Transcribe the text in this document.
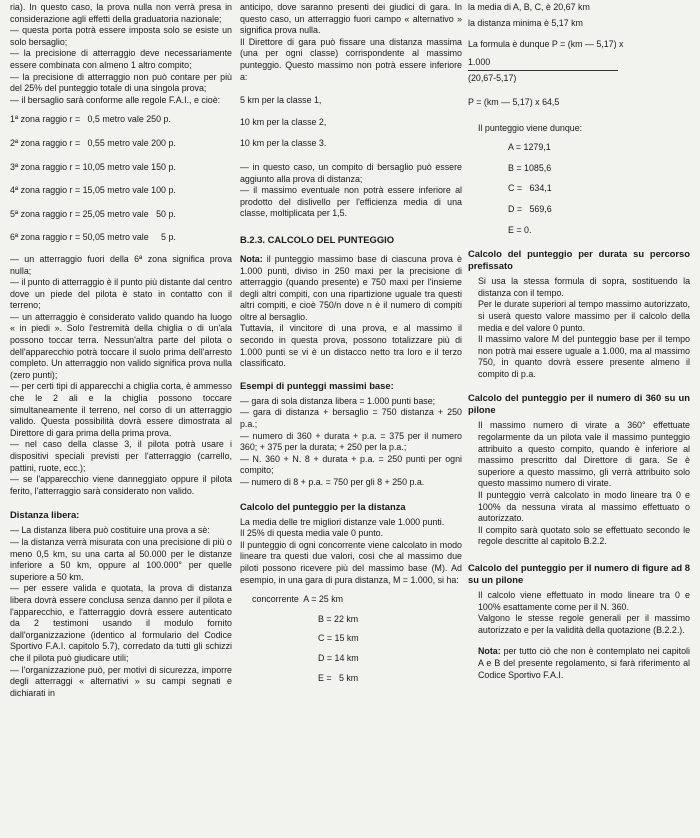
ria). In questo caso, la prova nulla non verrà presa in considerazione agli effetti della graduatoria nazionale;

— questa porta potrà essere imposta solo se esiste un solo bersaglio;

— la precisione di atterraggio deve necessariamente essere combinata con almeno 1 altro compito;

— la precisione di atterraggio non può contare per più del 25% del punteggio totale di una singola prova;

— il bersaglio sarà conforme alle regole F.A.I., e cioè:

1ª zona raggio r =   0,5 metro vale 250 p.

2ª zona raggio r =   0,55 metro vale 200 p.

3ª zona raggio r = 10,05 metro vale 150 p.

4ª zona raggio r = 15,05 metro vale 100 p.

5ª zona raggio r = 25,05 metro vale   50 p.

6ª zona raggio r = 50,05 metro vale     5 p.

— un atterraggio fuori della 6ª zona significa prova nulla;

— il punto di atterraggio è il punto più distante dal centro dove un piede del pilota è stato in contatto con il terreno;

— un atterraggio è considerato valido quando ha luogo « in piedi ». Solo l'estremità della chiglia o di un'ala possono toccar terra. Nessun'altra parte del pilota o dell'apparecchio potrà toccare il suolo prima dell'arresto completo. Un atterraggio non valido significa prova nulla (zero punti);

— per certi tipi di apparecchi a chiglia corta, è ammesso che le 2 ali e la chiglia possono toccare simultaneamente il terreno, nel corso di un atterraggio valido. Questa possibilità dovrà essere dimostrata al Direttore di gara prima della prima prova.

— nel caso della classe 3, il pilota potrà usare i dispositivi speciali previsti per l'atterraggio (carrello, pattini, ruote, ecc.);

— se l'apparecchio viene danneggiato oppure il pilota ferito, l'atterraggio sarà considerato non valido.

Distanza libera:

— La distanza libera può costituire una prova a sè:

— la distanza verrà misurata con una precisione di più o meno 0,5 km, su una carta al 50.000 per le distanze inferiore a 50 km, oppure al 100.000° per quelle superiore a 50 km.

— per essere valida e quotata, la prova di distanza libera dovrà essere conclusa senza danno per il pilota e l'apparecchio, e l'atterraggio dovrà essere autenticato da 2 testimoni usando il modulo fornito dall'organizzazione (identico al formulario del Codice Sportivo F.A.I. capitolo 5.7), corredato da tutti gli schizzi che il pilota può giudicare utili;

— l'organizzazione può, per motivi di sicurezza, imporre degli atterraggi « alternativi » su campi segnati e dichiarati in

anticipo, dove saranno presenti dei giudici di gara. In questo caso, un atterraggio fuori campo « alternativo » significa prova nulla.

Il Direttore di gara può fissare una distanza massima (una per ogni classe) corrispondente al massimo punteggio. Questo massimo non potrà essere inferiore a:

5 km per la classe 1,

10 km per la classe 2,

10 km per la classe 3.

— in questo caso, un compito di bersaglio può essere aggiunto alla prova di distanza;

— il massimo eventuale non potrà essere inferiore al prodotto del dislivello per l'efficienza media di una classe, moltiplicata per 1,5.

B.2.3. CALCOLO DEL PUNTEGGIO

Nota: il punteggio massimo base di ciascuna prova è 1.000 punti, diviso in 250 maxi per la precisione di atterraggio (quando presente) e 750 maxi per l'insieme degli altri compiti, con una ripartizione uguale tra questi altri compiti, e cioè 750/n dove n è il numero di compiti oltre al bersaglio.

Tuttavia, il vincitore di una prova, e al massimo il secondo in questa prova, possono totalizzare più di 1.000 punti se vi è un distacco netto tra loro e il terzo classificato.

Esempi di punteggi massimi base:

— gara di sola distanza libera = 1.000 punti base;

— gara di distanza + bersaglio = 750 distanza + 250 p.a.;

— numero di 360 + durata + p.a. = 375 per il numero 360; + 375 per la durata; + 250 per la p.a.;

— N. 360 + N. 8 + durata + p.a. = 250 punti per ogni compito;

— numero di 8 + p.a. = 750 per gli 8 + 250 p.a.

Calcolo del punteggio per la distanza

La media delle tre migliori distanze vale 1.000 punti.

Il 25% di questa media vale 0 punto.

Il punteggio di ogni concorrente viene calcolato in modo lineare tra questi due valori, così che al massimo due piloti possono ricevere più del massimo base (M). Ad esempio, in una gara di pura distanza, M = 1.000, si ha:

concorrente  A = 25 km

B = 22 km

C = 15 km

D = 14 km

E =   5 km

la media di A, B, C, è 20,67 km

la distanza minima è 5,17 km

La formula è dunque P = (km — 5,17) x

1.000

(20,67-5,17)

P = (km — 5,17) x 64,5

Il punteggio viene dunque:

A = 1279,1

B = 1085,6

C =   634,1

D =   569,6

E = 0.

Calcolo del punteggio per durata su percorso prefissato

Si usa la stessa formula di sopra, sostituendo la distanza con il tempo.

Per le durate superiori al tempo massimo autorizzato, si userà questo valore massimo per il calcolo della media e del valore 0 punto.

Il massimo valore M del punteggio base per il tempo non potrà mai essere uguale a 1.000, ma al massimo 750, in quanto dovrà essere presente almeno il compito di p.a.

Calcolo del punteggio per il numero di 360 su un pilone

Il massimo numero di virate a 360° effettuate regolarmente da un pilota vale il massimo punteggio attribuito a questo compito, quando è inferiore al massimo prescritto dal Direttore di gara. Se è superiore a questo massimo, gli verrà attribuito solo questo massimo numero di virate.

Il punteggio verrà calcolato in modo lineare tra 0 e 100% da nessuna virata al massimo effettuato o autorizzato.

Il compito sarà quotato solo se effettuato secondo le regole descritte al capitolo B.2.2.

Calcolo del punteggio per il numero di figure ad 8 su un pilone

Il calcolo viene effettuato in modo lineare tra 0 e 100% esattamente come per il N. 360.

Valgono le stesse regole generali per il massimo autorizzato e per la validità della quotazione (B.2.2.).

Nota: per tutto ciò che non è contemplato nei capitoli A e B del presente regolamento, si farà riferimento al Codice Sportivo F.A.I.
